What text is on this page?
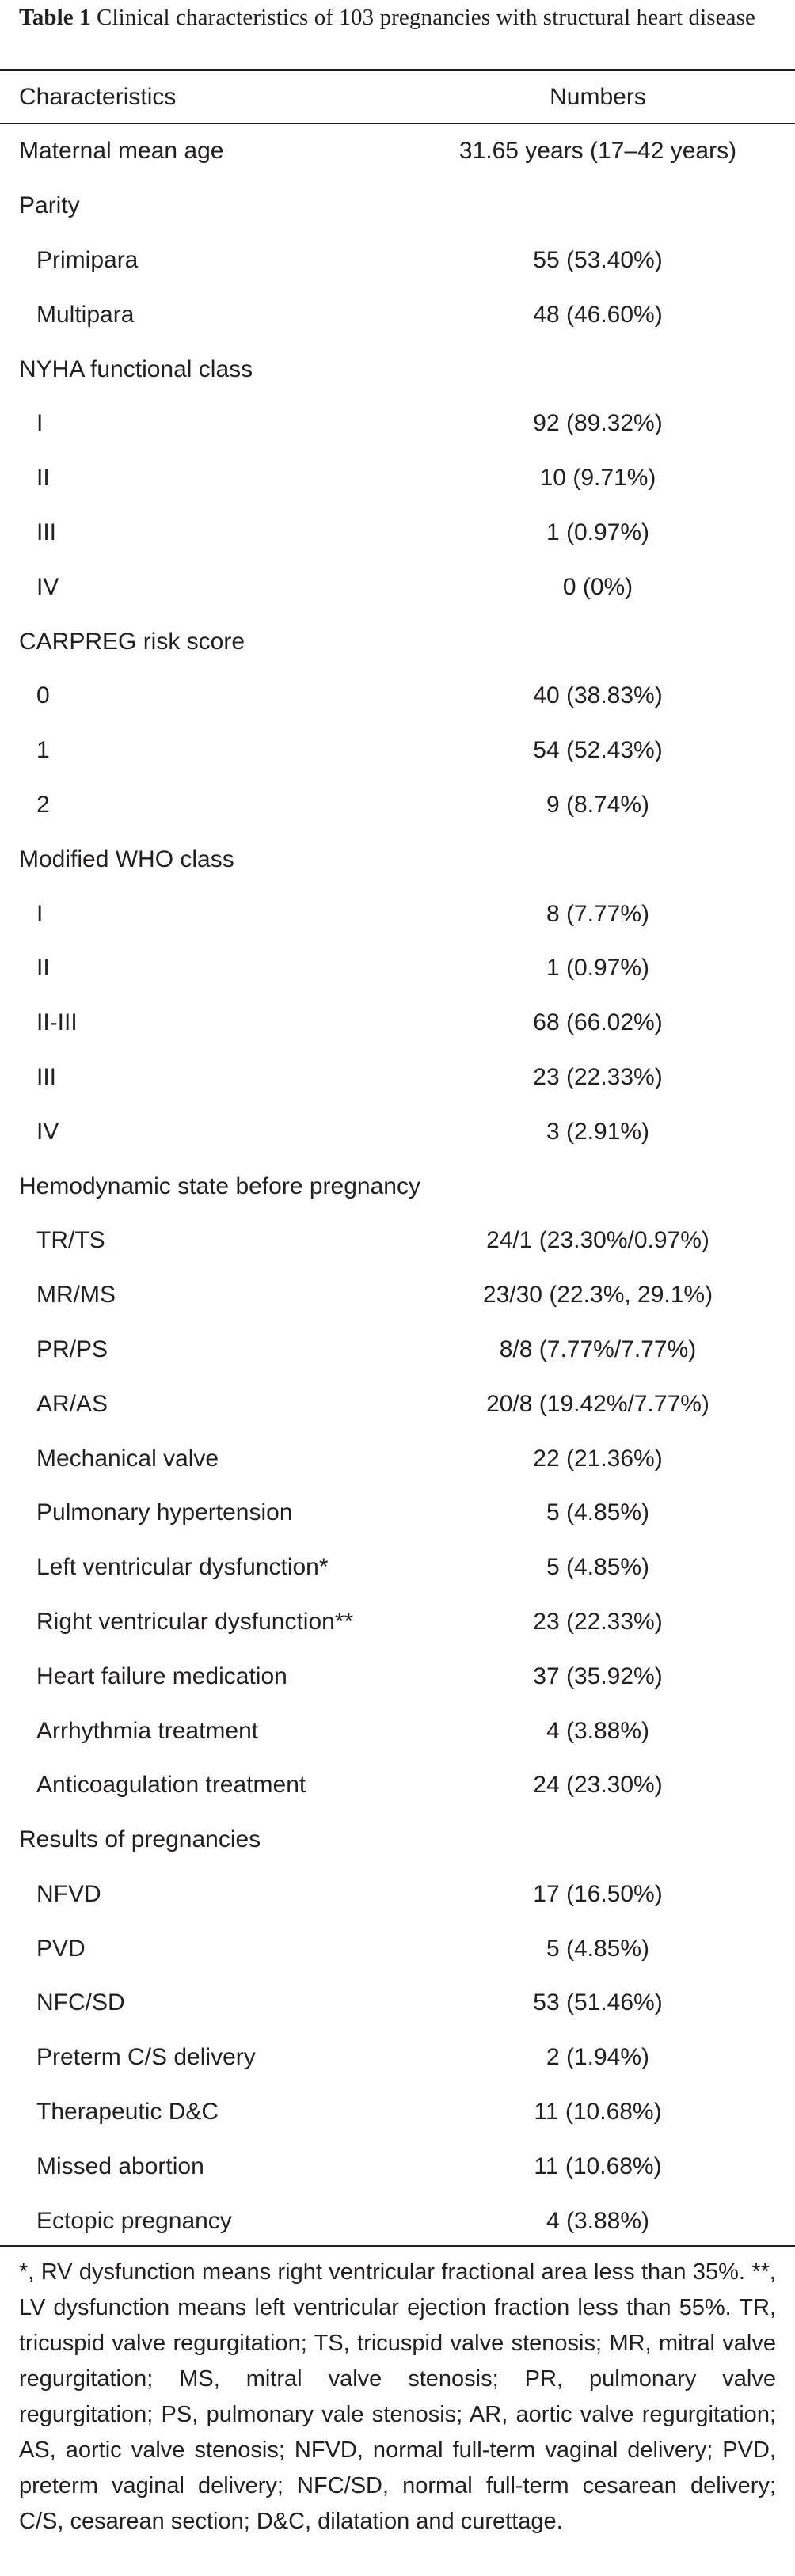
Table 1 Clinical characteristics of 103 pregnancies with structural heart disease
Characteristics	Numbers
Maternal mean age	31.65 years (17–42 years)
Parity
Primipara	55 (53.40%)
Multipara	48 (46.60%)
NYHA functional class
I	92 (89.32%)
II	10 (9.71%)
III	1 (0.97%)
IV	0 (0%)
CARPREG risk score
0	40 (38.83%)
1	54 (52.43%)
2	9 (8.74%)
Modified WHO class
I	8 (7.77%)
II	1 (0.97%)
II-III	68 (66.02%)
III	23 (22.33%)
IV	3 (2.91%)
Hemodynamic state before pregnancy
TR/TS	24/1 (23.30%/0.97%)
MR/MS	23/30 (22.3%, 29.1%)
PR/PS	8/8 (7.77%/7.77%)
AR/AS	20/8 (19.42%/7.77%)
Mechanical valve	22 (21.36%)
Pulmonary hypertension	5 (4.85%)
Left ventricular dysfunction*	5 (4.85%)
Right ventricular dysfunction**	23 (22.33%)
Heart failure medication	37 (35.92%)
Arrhythmia treatment	4 (3.88%)
Anticoagulation treatment	24 (23.30%)
Results of pregnancies
NFVD	17 (16.50%)
PVD	5 (4.85%)
NFC/SD	53 (51.46%)
Preterm C/S delivery	2 (1.94%)
Therapeutic D&C	11 (10.68%)
Missed abortion	11 (10.68%)
Ectopic pregnancy	4 (3.88%)
*, RV dysfunction means right ventricular fractional area less than 35%. **, LV dysfunction means left ventricular ejection fraction less than 55%. TR, tricuspid valve regurgitation; TS, tricuspid valve stenosis; MR, mitral valve regurgitation; MS, mitral valve stenosis; PR, pulmonary valve regurgitation; PS, pulmonary vale stenosis; AR, aortic valve regurgitation; AS, aortic valve stenosis; NFVD, normal full-term vaginal delivery; PVD, preterm vaginal delivery; NFC/SD, normal full-term cesarean delivery; C/S, cesarean section; D&C, dilatation and curettage.
